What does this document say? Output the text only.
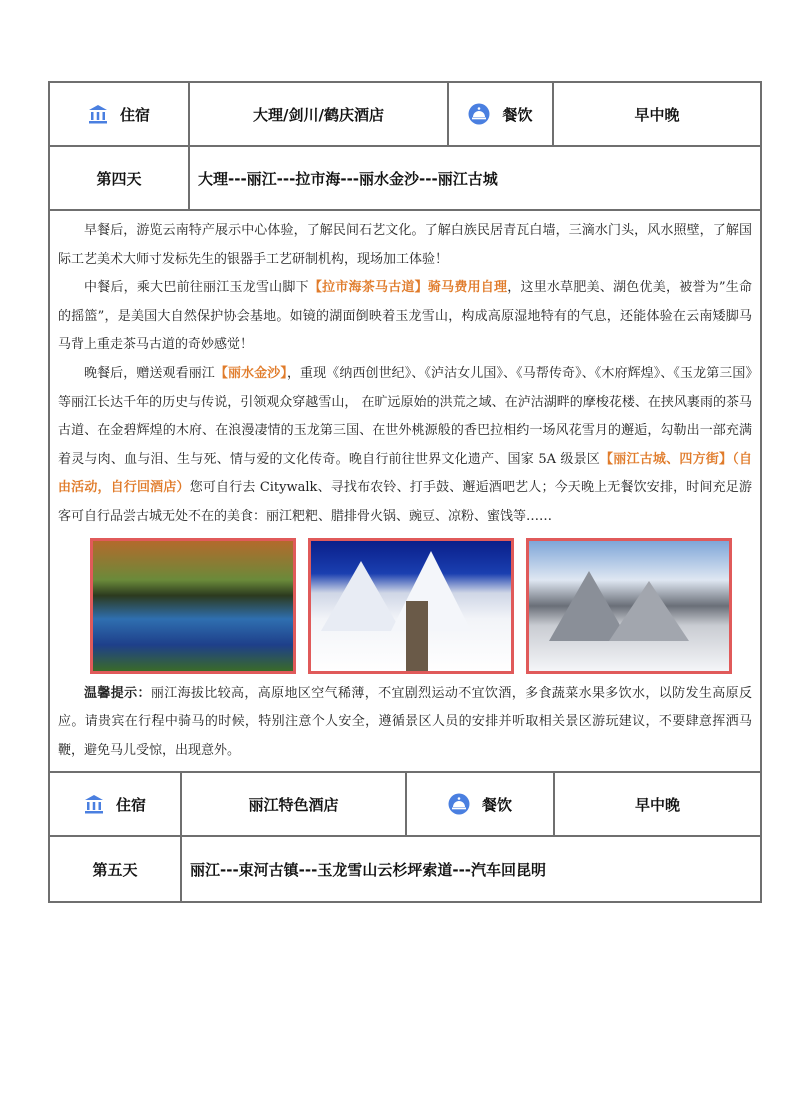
住宿	大理/剑川/鹤庆酒店	餐饮	早中晚
第四天	大理---丽江---拉市海---丽水金沙---丽江古城

早餐后，游览云南特产展示中心体验，了解民间石艺文化。了解白族民居青瓦白墙，三滴水门头，风水照壁，了解国际工艺美术大师寸发标先生的银器手工艺研制机构，现场加工体验！

中餐后，乘大巴前往丽江玉龙雪山脚下【拉市海茶马古道】骑马费用自理，这里水草肥美、湖色优美，被誉为”生命的摇篮”，是美国大自然保护协会基地。如镜的湖面倒映着玉龙雪山，构成高原湿地特有的气息，还能体验在云南矮脚马马背上重走茶马古道的奇妙感觉！

晚餐后，赠送观看丽江【丽水金沙】，重现《纳西创世纪》、《泸沽女儿国》、《马帮传奇》、《木府辉煌》、《玉龙第三国》等丽江长达千年的历史与传说，引领观众穿越雪山， 在旷远原始的洪荒之域、在泸沽湖畔的摩梭花楼、在挟风裹雨的茶马古道、在金碧辉煌的木府、在浪漫凄情的玉龙第三国、在世外桃源般的香巴拉相约一场风花雪月的邂逅，勾勒出一部充满着灵与肉、血与泪、生与死、情与爱的文化传奇。晚自行前往世界文化遗产、国家 5A 级景区【丽江古城、四方街】（自由活动，自行回酒店）您可自行去 Citywalk、寻找布农铃、打手鼓、邂逅酒吧艺人；今天晚上无餐饮安排，时间充足游客可自行品尝古城无处不在的美食：丽江粑粑、腊排骨火锅、豌豆、凉粉、蜜饯等……

温馨提示：丽江海拔比较高，高原地区空气稀薄，不宜剧烈运动不宜饮酒，多食蔬菜水果多饮水，以防发生高原反应。请贵宾在行程中骑马的时候，特别注意个人安全，遵循景区人员的安排并听取相关景区游玩建议，不要肆意挥洒马鞭，避免马儿受惊，出现意外。

住宿	丽江特色酒店	餐饮	早中晚
第五天	丽江---束河古镇---玉龙雪山云杉坪索道---汽车回昆明
